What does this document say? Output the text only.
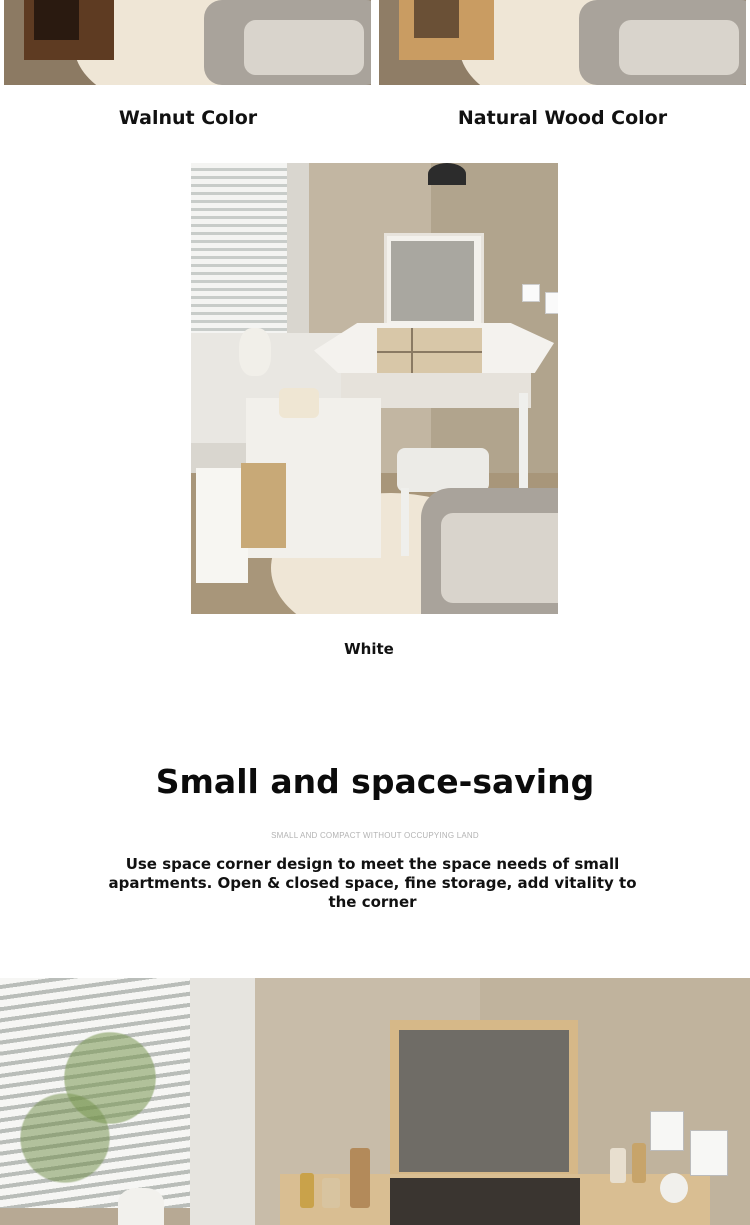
Walnut Color	Natural Wood Color
White
Small and space-saving
SMALL AND COMPACT WITHOUT OCCUPYING LAND
Use space corner design to meet the space needs of small apartments. Open & closed space, fine storage, add vitality to the corner
